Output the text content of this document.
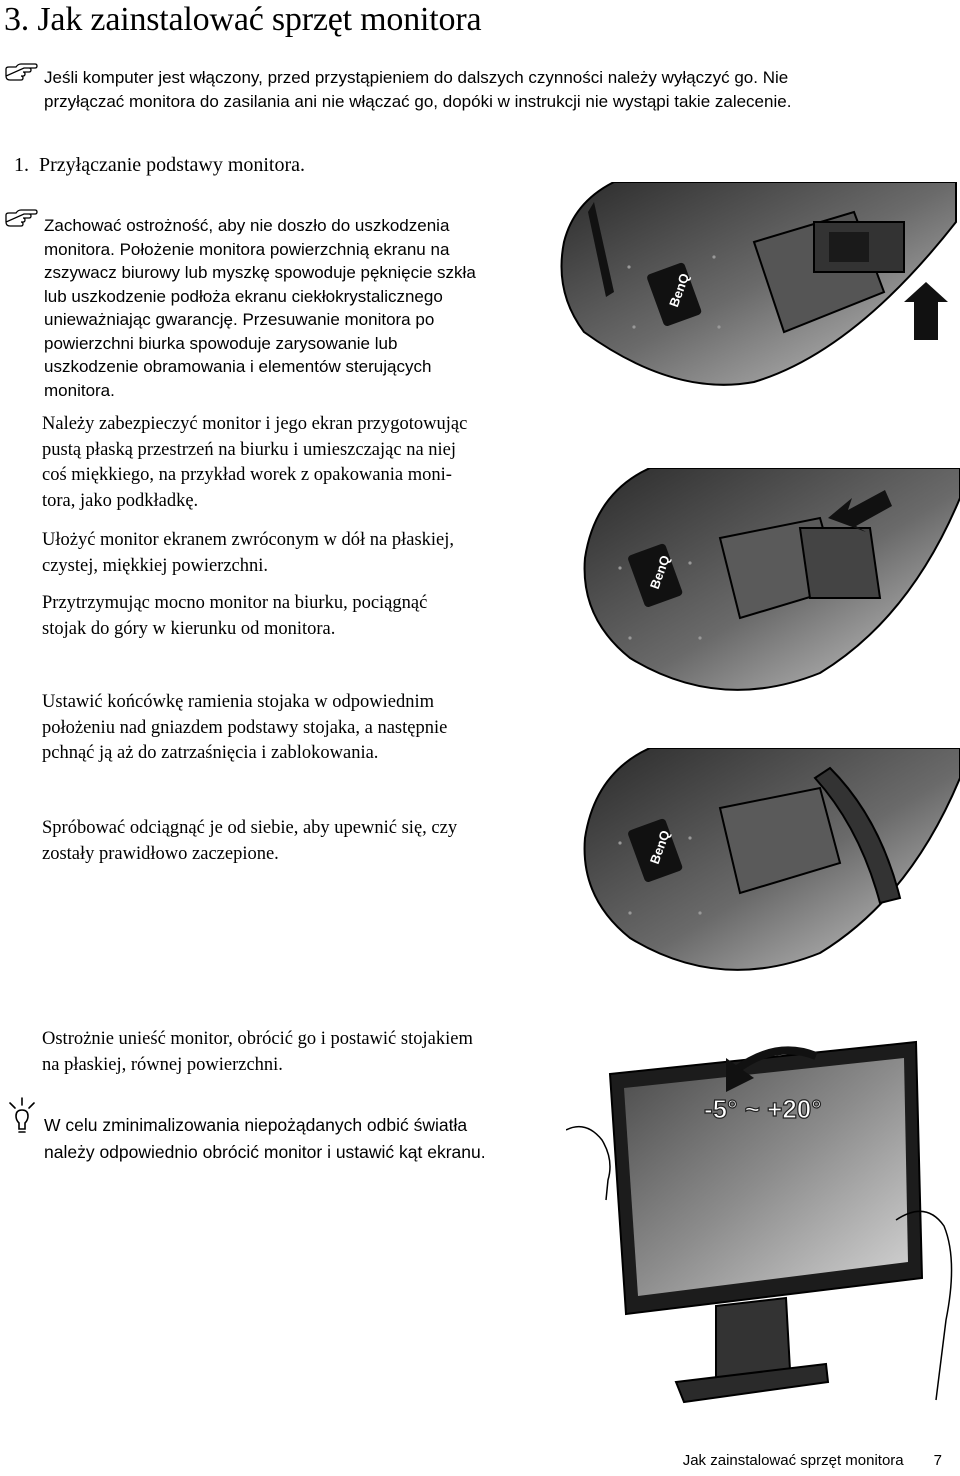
3. Jak zainstalować sprzęt monitora
Jeśli komputer jest włączony, przed przystąpieniem do dalszych czynności należy wyłączyć go. Nie
przyłączać monitora do zasilania ani nie włączać go, dopóki w instrukcji nie wystąpi takie zalecenie.
1.  Przyłączanie podstawy monitora.
Zachować ostrożność, aby nie doszło do uszkodzenia
monitora. Położenie monitora powierzchnią ekranu na
zszywacz biurowy lub myszkę spowoduje pęknięcie szkła
lub uszkodzenie podłoża ekranu ciekłokrystalicznego
unieważniając gwarancję. Przesuwanie monitora po
powierzchni biurka spowoduje zarysowanie lub
uszkodzenie obramowania i elementów sterujących
monitora.
Należy zabezpieczyć monitor i jego ekran przygotowując
pustą płaską przestrzeń na biurku i umieszczając na niej
coś miękkiego, na przykład worek z opakowania moni-
tora, jako podkładkę.
Ułożyć monitor ekranem zwróconym w dół na płaskiej,
czystej, miękkiej powierzchni.
Przytrzymując mocno monitor na biurku, pociągnąć
stojak do góry w kierunku od monitora.
Ustawić końcówkę ramienia stojaka w odpowiednim
położeniu nad gniazdem podstawy stojaka, a następnie
pchnąć ją aż do zatrzaśnięcia i zablokowania.
Spróbować odciągnąć je od siebie, aby upewnić się, czy
zostały prawidłowo zaczepione.
Ostrożnie unieść monitor, obrócić go i postawić stojakiem
na płaskiej, równej powierzchni.
W celu zminimalizowania niepożądanych odbić światła
należy odpowiednio obrócić monitor i ustawić kąt ekranu.
BenQ
BenQ
BenQ
-5° ~ +20°
Jak zainstalować sprzęt monitora 7
